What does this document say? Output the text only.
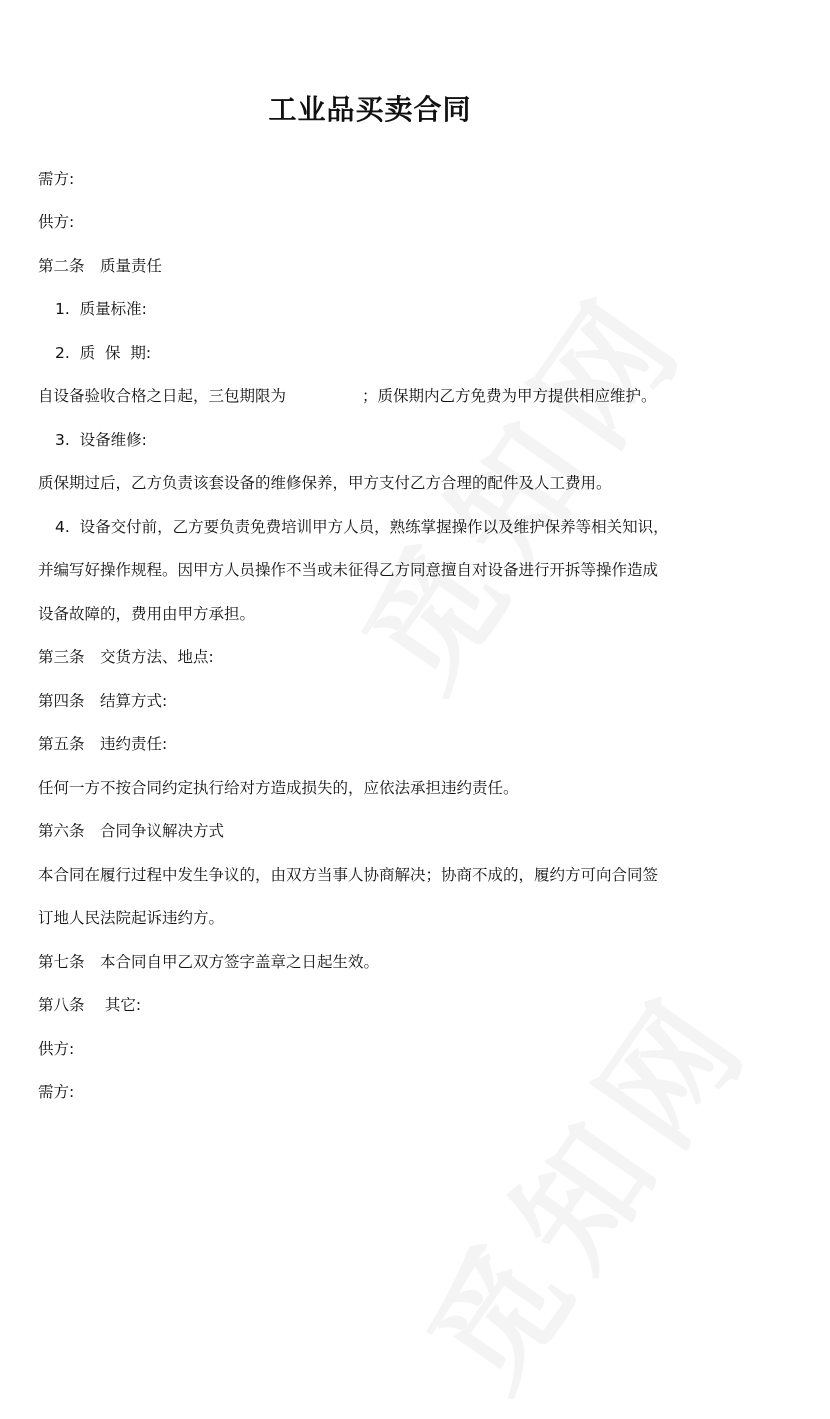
工业品买卖合同
需方:
供方:
第二条　质量责任
1.  质量标准:
2.  质  保  期:
自设备验收合格之日起，三包期限为	；质保期内乙方免费为甲方提供相应维护。
3.  设备维修:
质保期过后，乙方负责该套设备的维修保养，甲方支付乙方合理的配件及人工费用。
4.  设备交付前，乙方要负责免费培训甲方人员，熟练掌握操作以及维护保养等相关知识，
并编写好操作规程。因甲方人员操作不当或未征得乙方同意擅自对设备进行开拆等操作造成
设备故障的，费用由甲方承担。
第三条　交货方法、地点:
第四条　结算方式:
第五条　违约责任:
任何一方不按合同约定执行给对方造成损失的，应依法承担违约责任。
第六条　合同争议解决方式
本合同在履行过程中发生争议的，由双方当事人协商解决；协商不成的，履约方可向合同签
订地人民法院起诉违约方。
第七条　本合同自甲乙双方签字盖章之日起生效。
第八条　 其它:
供方:
需方:
